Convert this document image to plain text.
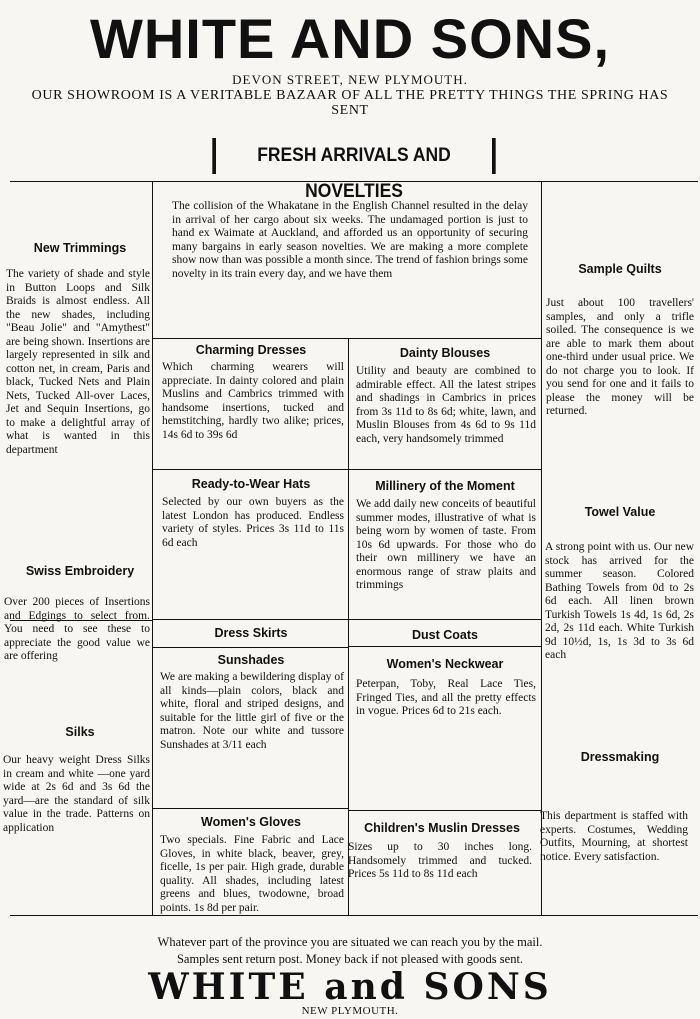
WHITE AND SONS,
DEVON STREET, NEW PLYMOUTH.
OUR SHOWROOM IS A VERITABLE BAZAAR OF ALL THE PRETTY THINGS THE SPRING HAS SENT
FRESH ARRIVALS AND NOVELTIES
New Trimmings
The variety of shade and style in Button Loops and Silk Braids is almost endless. All the new shades, including "Beau Jolie" and "Amythest" are being shown. Insertions are largely represented in silk and cotton net, in cream, Paris and black, Tucked Nets and Plain Nets, Tucked All-over Laces, Jet and Sequin Insertions, go to make a delightful array of what is wanted in this department
Swiss Embroidery
Over 200 pieces of Insertions and Edgings to select from. You need to see these to appreciate the good value we are offering
Silks
Our heavy weight Dress Silks in cream and white —one yard wide at 2s 6d and 3s 6d the yard—are the standard of silk value in the trade. Patterns on application
The collision of the Whakatane in the English Channel resulted in the delay in arrival of her cargo about six weeks. The undamaged portion is just to hand ex Waimate at Auckland, and afforded us an opportunity of securing many bargains in early season novelties. We are making a more complete show now than was possible a month since. The trend of fashion brings some novelty in its train every day, and we have them
Charming Dresses
Which charming wearers will appreciate. In dainty colored and plain Muslins and Cambrics trimmed with handsome insertions, tucked and hemstitching, hardly two alike; prices, 14s 6d to 39s 6d
Dainty Blouses
Utility and beauty are combined to admirable effect. All the latest stripes and shadings in Cambrics in prices from 3s 11d to 8s 6d; white, lawn, and Muslin Blouses from 4s 6d to 9s 11d each, very handsomely trimmed
Ready-to-Wear Hats
Selected by our own buyers as the latest London has produced. Endless variety of styles. Prices 3s 11d to 11s 6d each
Millinery of the Moment
We add daily new conceits of beautiful summer modes, illustrative of what is being worn by women of taste. From 10s 6d upwards. For those who do their own millinery we have an enormous range of straw plaits and trimmings
Dress Skirts	Dust Coats
Sunshades
We are making a bewildering display of all kinds—plain colors, black and white, floral and striped designs, and suitable for the little girl of five or the matron. Note our white and tussore Sunshades at 3/11 each
Women's Neckwear
Peterpan, Toby, Real Lace Ties, Fringed Ties, and all the pretty effects in vogue. Prices 6d to 21s each.
Women's Gloves
Two specials. Fine Fabric and Lace Gloves, in white black, beaver, grey, ficelle, 1s per pair. High grade, durable quality. All shades, including latest greens and blues, twodowne, broad points. 1s 8d per pair.
Children's Muslin Dresses
Sizes up to 30 inches long. Handsomely trimmed and tucked. Prices 5s 11d to 8s 11d each
Sample Quilts
Just about 100 travellers' samples, and only a trifle soiled. The consequence is we are able to mark them about one-third under usual price. We do not charge you to look. If you send for one and it fails to please the money will be returned.
Towel Value
A strong point with us. Our new stock has arrived for the summer season. Colored Bathing Towels from 0d to 2s 6d each. All linen brown Turkish Towels 1s 4d, 1s 6d, 2s 2d, 2s 11d each. White Turkish 9d 10½d, 1s, 1s 3d to 3s 6d each
Dressmaking
This department is staffed with experts. Costumes, Wedding Outfits, Mourning, at shortest notice. Every satisfaction.
Whatever part of the province you are situated we can reach you by the mail.
Samples sent return post. Money back if not pleased with goods sent.
WHITE and SONS
NEW PLYMOUTH.
